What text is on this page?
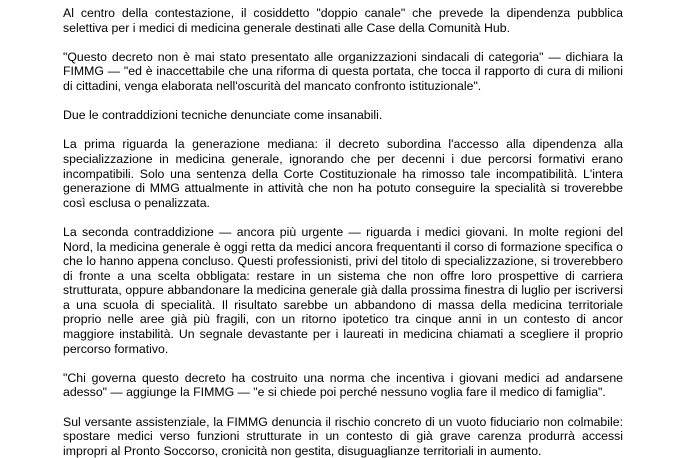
Al centro della contestazione, il cosiddetto "doppio canale" che prevede la dipendenza pubblica selettiva per i medici di medicina generale destinati alle Case della Comunità Hub.

"Questo decreto non è mai stato presentato alle organizzazioni sindacali di categoria" — dichiara la FIMMG — "ed è inaccettabile che una riforma di questa portata, che tocca il rapporto di cura di milioni di cittadini, venga elaborata nell'oscurità del mancato confronto istituzionale".

Due le contraddizioni tecniche denunciate come insanabili.

La prima riguarda la generazione mediana: il decreto subordina l'accesso alla dipendenza alla specializzazione in medicina generale, ignorando che per decenni i due percorsi formativi erano incompatibili. Solo una sentenza della Corte Costituzionale ha rimosso tale incompatibilità. L'intera generazione di MMG attualmente in attività che non ha potuto conseguire la specialità si troverebbe così esclusa o penalizzata.

La seconda contraddizione — ancora più urgente — riguarda i medici giovani. In molte regioni del Nord, la medicina generale è oggi retta da medici ancora frequentanti il corso di formazione specifica o che lo hanno appena concluso. Questi professionisti, privi del titolo di specializzazione, si troverebbero di fronte a una scelta obbligata: restare in un sistema che non offre loro prospettive di carriera strutturata, oppure abbandonare la medicina generale già dalla prossima finestra di luglio per iscriversi a una scuola di specialità. Il risultato sarebbe un abbandono di massa della medicina territoriale proprio nelle aree già più fragili, con un ritorno ipotetico tra cinque anni in un contesto di ancor maggiore instabilità. Un segnale devastante per i laureati in medicina chiamati a scegliere il proprio percorso formativo.

"Chi governa questo decreto ha costruito una norma che incentiva i giovani medici ad andarsene adesso" — aggiunge la FIMMG — "e si chiede poi perché nessuno voglia fare il medico di famiglia".

Sul versante assistenziale, la FIMMG denuncia il rischio concreto di un vuoto fiduciario non colmabile: spostare medici verso funzioni strutturate in un contesto di già grave carenza produrrà accessi impropri al Pronto Soccorso, cronicità non gestita, disuguaglianze territoriali in aumento.
